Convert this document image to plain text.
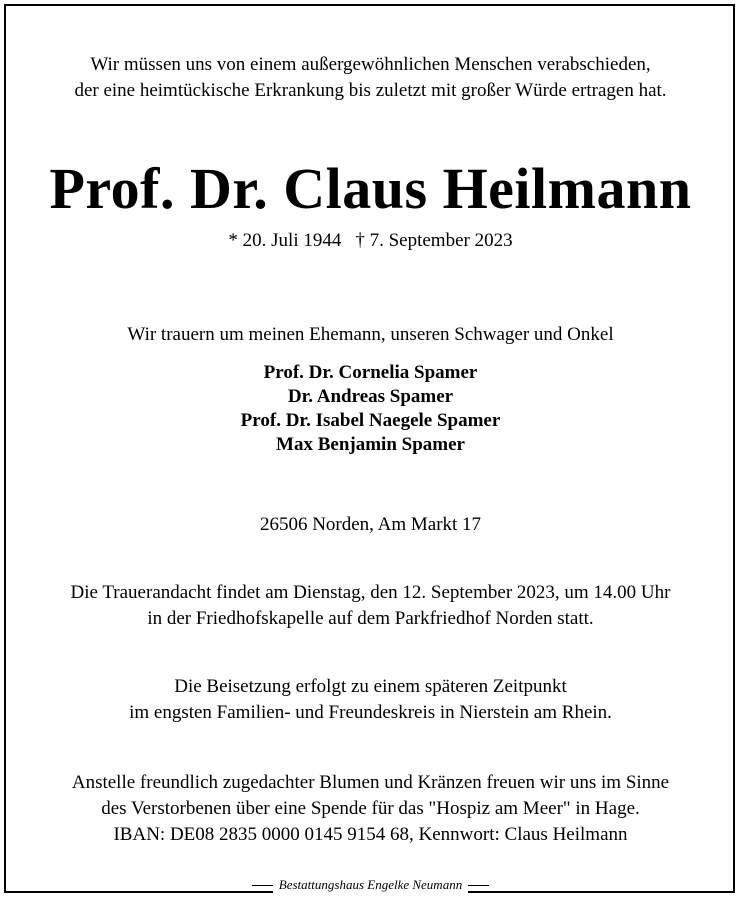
Wir müssen uns von einem außergewöhnlichen Menschen verabschieden,
der eine heimtückische Erkrankung bis zuletzt mit großer Würde ertragen hat.
Prof. Dr. Claus Heilmann
* 20. Juli 1944 † 7. September 2023
Wir trauern um meinen Ehemann, unseren Schwager und Onkel
Prof. Dr. Cornelia Spamer
Dr. Andreas Spamer
Prof. Dr. Isabel Naegele Spamer
Max Benjamin Spamer
26506 Norden, Am Markt 17
Die Trauerandacht findet am Dienstag, den 12. September 2023, um 14.00 Uhr
in der Friedhofskapelle auf dem Parkfriedhof Norden statt.
Die Beisetzung erfolgt zu einem späteren Zeitpunkt
im engsten Familien- und Freundeskreis in Nierstein am Rhein.
Anstelle freundlich zugedachter Blumen und Kränzen freuen wir uns im Sinne
des Verstorbenen über eine Spende für das "Hospiz am Meer" in Hage.
IBAN: DE08 2835 0000 0145 9154 68, Kennwort: Claus Heilmann
Bestattungshaus Engelke Neumann
